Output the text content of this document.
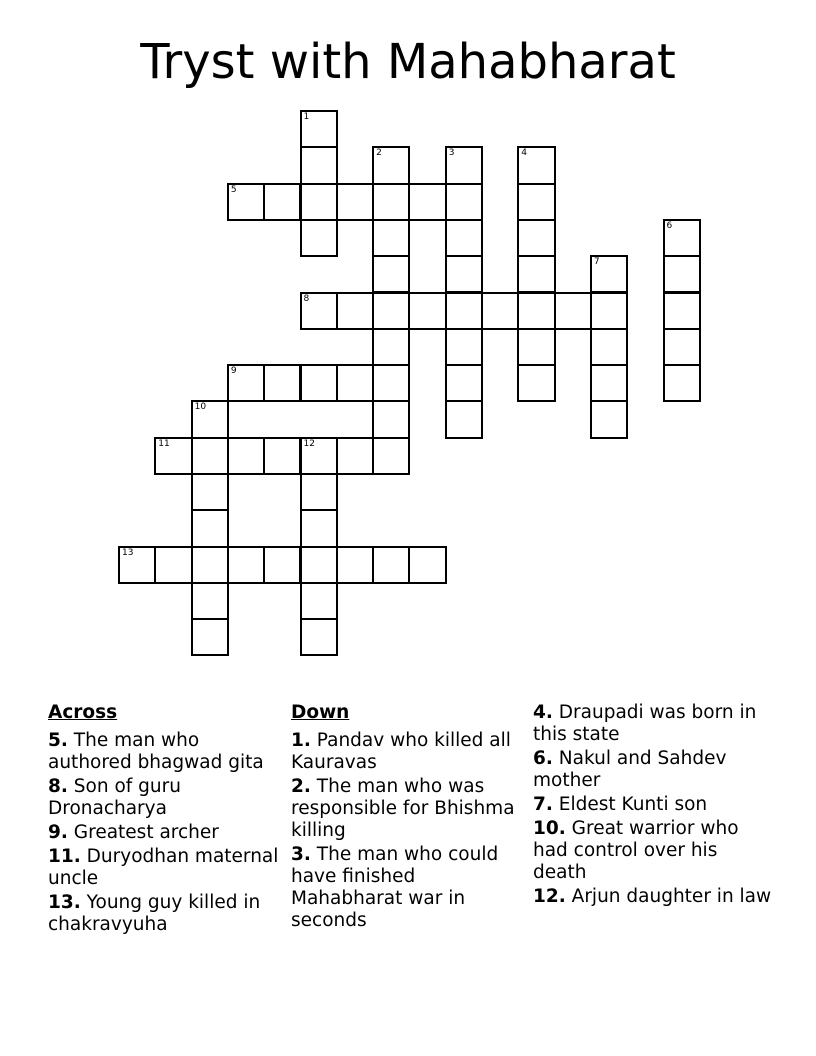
Tryst with Mahabharat
1
2	3	4
5
6
7
8
9
10
11	12
13
Across
5. The man who authored bhagwad gita
8. Son of guru Dronacharya
9. Greatest archer
11. Duryodhan maternal uncle
13. Young guy killed in chakravyuha
Down
1. Pandav who killed all Kauravas
2. The man who was responsible for Bhishma killing
3. The man who could have finished Mahabharat war in seconds
4. Draupadi was born in this state
6. Nakul and Sahdev mother
7. Eldest Kunti son
10. Great warrior who had control over his death
12. Arjun daughter in law
